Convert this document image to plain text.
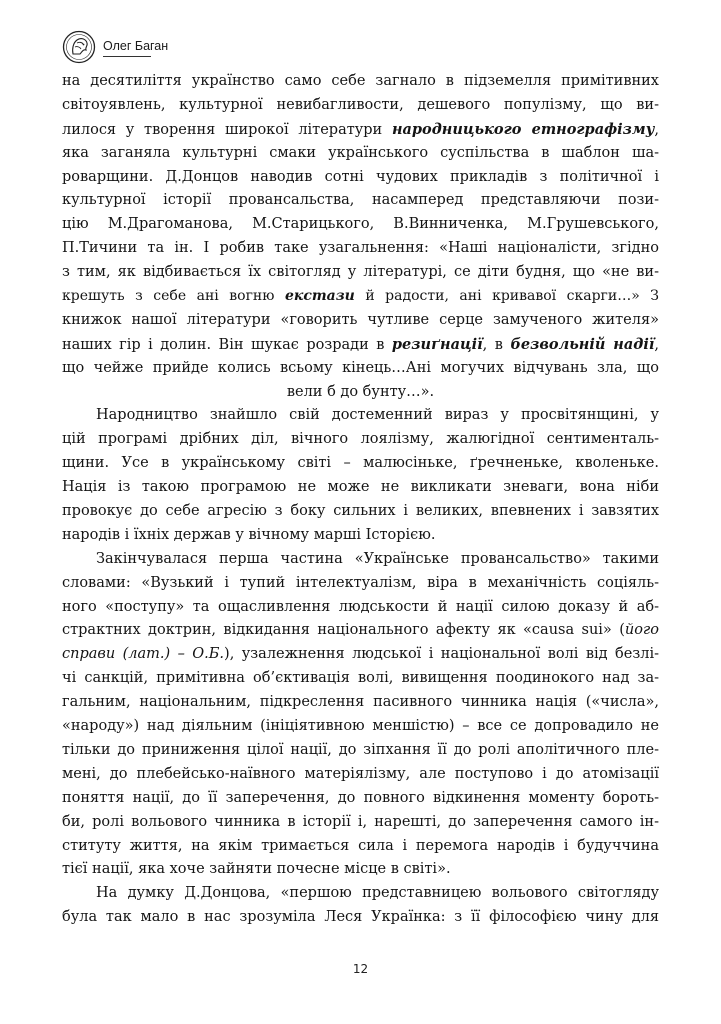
Олег Баган
на десятиліття українство само себе загнало в підземелля примітивних
світоуявлень, культурної невибагливости, дешевого популізму, що ви-
лилося у творення широкої літератури народницького етнографізму,
яка заганяла культурні смаки українського суспільства в шаблон ша-
роварщини. Д.Донцов наводив сотні чудових прикладів з політичної і
культурної історії провансальства, насамперед представляючи пози-
цію М.Драгоманова, М.Старицького, В.Винниченка, М.Грушевського,
П.Тичини та ін. І робив таке узагальнення: «Наші націоналісти, згідно
з тим, як відбивається їх світогляд у літературі, се діти будня, що «не ви-
крешуть з себе ані вогню екстази й радости, ані кривавої скарги…» З
книжок нашої літератури «говорить чутливе серце замученого жителя»
наших гір і долин. Він шукає розради в резиґнації, в безвольній надії,
що чейже прийде колись всьому кінець…Ані могучих відчувань зла, що
вели б до бунту…».
Народництво знайшло свій достеменний вираз у просвітянщині, у
цій програмі дрібних діл, вічного лоялізму, жалюгідної сентименталь-
щини. Усе в українському світі – малюсіньке, ґречненьке, кволеньке.
Нація із такою програмою не може не викликати зневаги, вона ніби
провокує до себе агресію з боку сильних і великих, впевнених і завзятих
народів і їхніх держав у вічному марші Історією.
Закінчувалася перша частина «Українське провансальство» такими
словами: «Вузький і тупий інтелектуалізм, віра в механічність соціяль-
ного «поступу» та ощасливлення людськости й нації силою доказу й аб-
страктних доктрин, відкидання національного афекту як «causa sui» (його
справи (лат.) – О.Б.), узалежнення людської і національної волі від безлі-
чі санкцій, примітивна об’єктивація волі, вивищення поодинокого над за-
гальним, національним, підкреслення пасивного чинника нація («числа»,
«народу») над діяльним (ініціятивною меншістю) – все се допровадило не
тільки до приниження цілої нації, до зіпхання її до ролі аполітичного пле-
мені, до плебейсько-наївного матеріялізму, але поступово і до атомізації
поняття нації, до її заперечення, до повного відкинення моменту бороть-
би, ролі вольового чинника в історії і, нарешті, до заперечення самого ін-
ституту життя, на якім тримається сила і перемога народів і будуччина
тієї нації, яка хоче зайняти почесне місце в світі».
На думку Д.Донцова, «першою представницею вольового світогляду
була так мало в нас зрозуміла Леся Українка: з її філософією чину для
12
